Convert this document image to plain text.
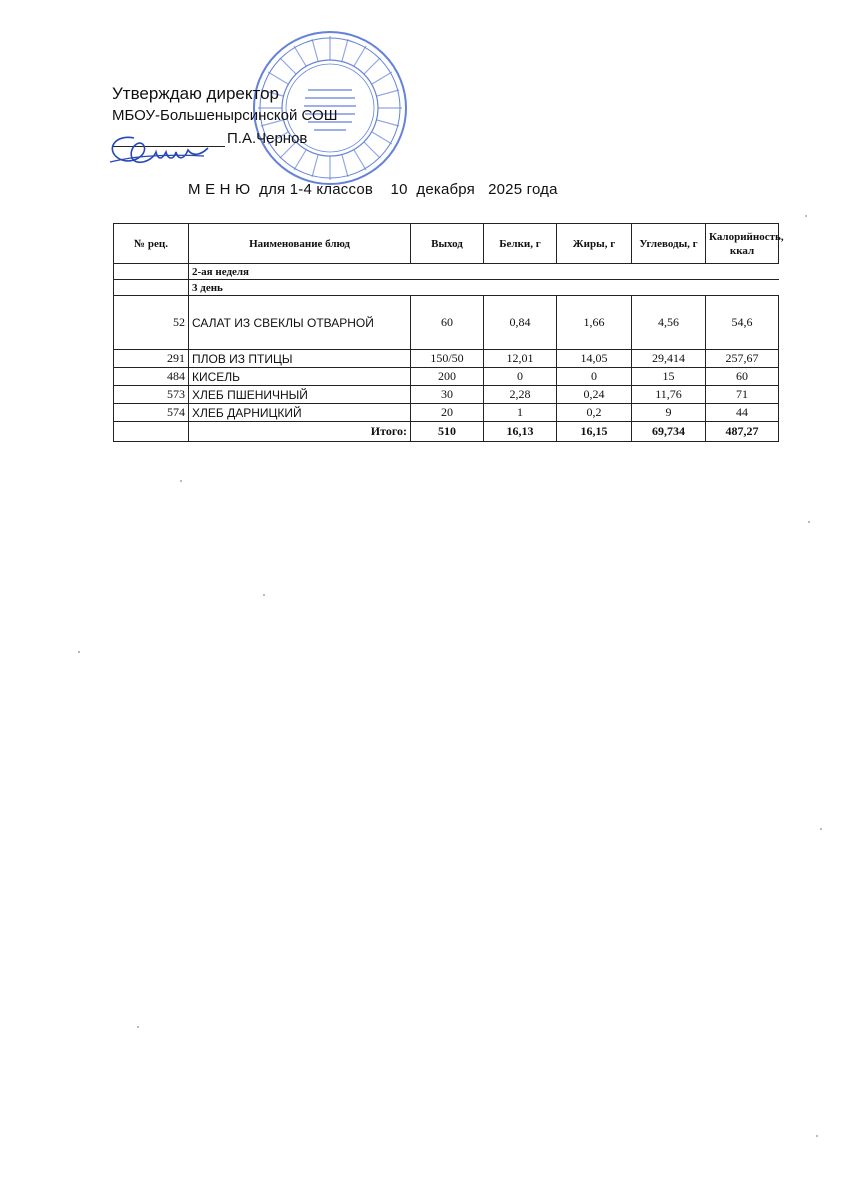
Утверждаю директор
МБОУ-Большенырсинской СОШ
П.А.Чернов
М Е Н Ю  для 1-4 классов    10  декабря   2025 года
№ рец.	Наименование блюд	Выход	Белки, г	Жиры, г	Углеводы, г	Калорийность, ккал
	2-ая неделя					
	3 день					
52	САЛАТ ИЗ СВЕКЛЫ ОТВАРНОЙ	60	0,84	1,66	4,56	54,6
291	ПЛОВ ИЗ ПТИЦЫ	150/50	12,01	14,05	29,414	257,67
484	КИСЕЛЬ	200	0	0	15	60
573	ХЛЕБ ПШЕНИЧНЫЙ	30	2,28	0,24	11,76	71
574	ХЛЕБ ДАРНИЦКИЙ	20	1	0,2	9	44
	Итого:	510	16,13	16,15	69,734	487,27
